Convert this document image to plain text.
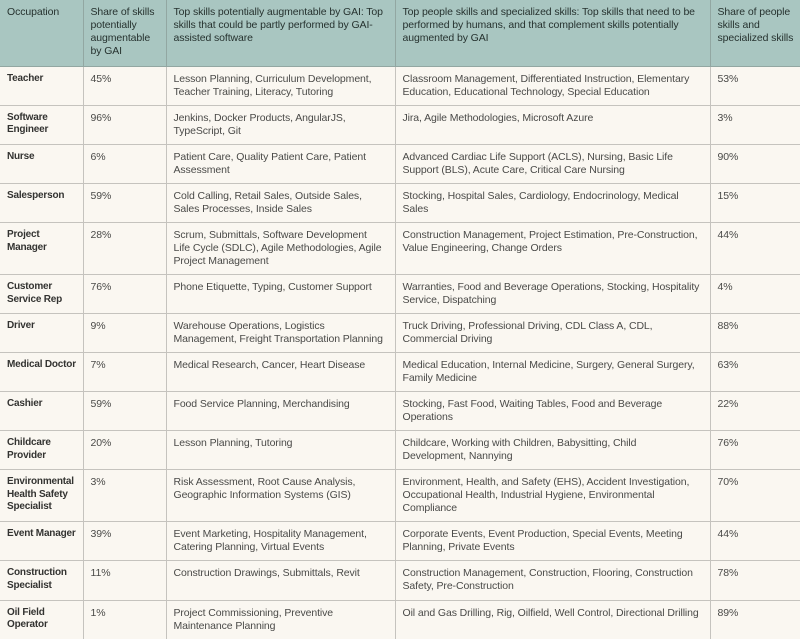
Occupation	Share of skills potentially augmentable by GAI	Top skills potentially augmentable by GAI: Top skills that could be partly performed by GAI-assisted software	Top people skills and specialized skills: Top skills that need to be performed by humans, and that complement skills potentially augmented by GAI	Share of people skills and specialized skills
Teacher	45%	Lesson Planning, Curriculum Development, Teacher Training, Literacy, Tutoring	Classroom Management, Differentiated Instruction, Elementary Education, Educational Technology, Special Education	53%
Software Engineer	96%	Jenkins, Docker Products, AngularJS, TypeScript, Git	Jira, Agile Methodologies, Microsoft Azure	3%
Nurse	6%	Patient Care, Quality Patient Care, Patient Assessment	Advanced Cardiac Life Support (ACLS), Nursing, Basic Life Support (BLS), Acute Care, Critical Care Nursing	90%
Salesperson	59%	Cold Calling, Retail Sales, Outside Sales, Sales Processes, Inside Sales	Stocking, Hospital Sales, Cardiology, Endocrinology, Medical Sales	15%
Project Manager	28%	Scrum, Submittals, Software Development Life Cycle (SDLC), Agile Methodologies, Agile Project Management	Construction Management, Project Estimation, Pre-Construction, Value Engineering, Change Orders	44%
Customer Service Rep	76%	Phone Etiquette, Typing, Customer Support	Warranties, Food and Beverage Operations, Stocking, Hospitality Service, Dispatching	4%
Driver	9%	Warehouse Operations, Logistics Management, Freight Transportation Planning	Truck Driving, Professional Driving, CDL Class A, CDL, Commercial Driving	88%
Medical Doctor	7%	Medical Research, Cancer, Heart Disease	Medical Education, Internal Medicine, Surgery, General Surgery, Family Medicine	63%
Cashier	59%	Food Service Planning, Merchandising	Stocking, Fast Food, Waiting Tables, Food and Beverage Operations	22%
Childcare Provider	20%	Lesson Planning, Tutoring	Childcare, Working with Children, Babysitting, Child Development, Nannying	76%
Environmental Health Safety Specialist	3%	Risk Assessment, Root Cause Analysis, Geographic Information Systems (GIS)	Environment, Health, and Safety (EHS), Accident Investigation, Occupational Health, Industrial Hygiene, Environmental Compliance	70%
Event Manager	39%	Event Marketing, Hospitality Management, Catering Planning, Virtual Events	Corporate Events, Event Production, Special Events, Meeting Planning, Private Events	44%
Construction Specialist	11%	Construction Drawings, Submittals, Revit	Construction Management, Construction, Flooring, Construction Safety, Pre-Construction	78%
Oil Field Operator	1%	Project Commissioning, Preventive Maintenance Planning	Oil and Gas Drilling, Rig, Oilfield, Well Control, Directional Drilling	89%
